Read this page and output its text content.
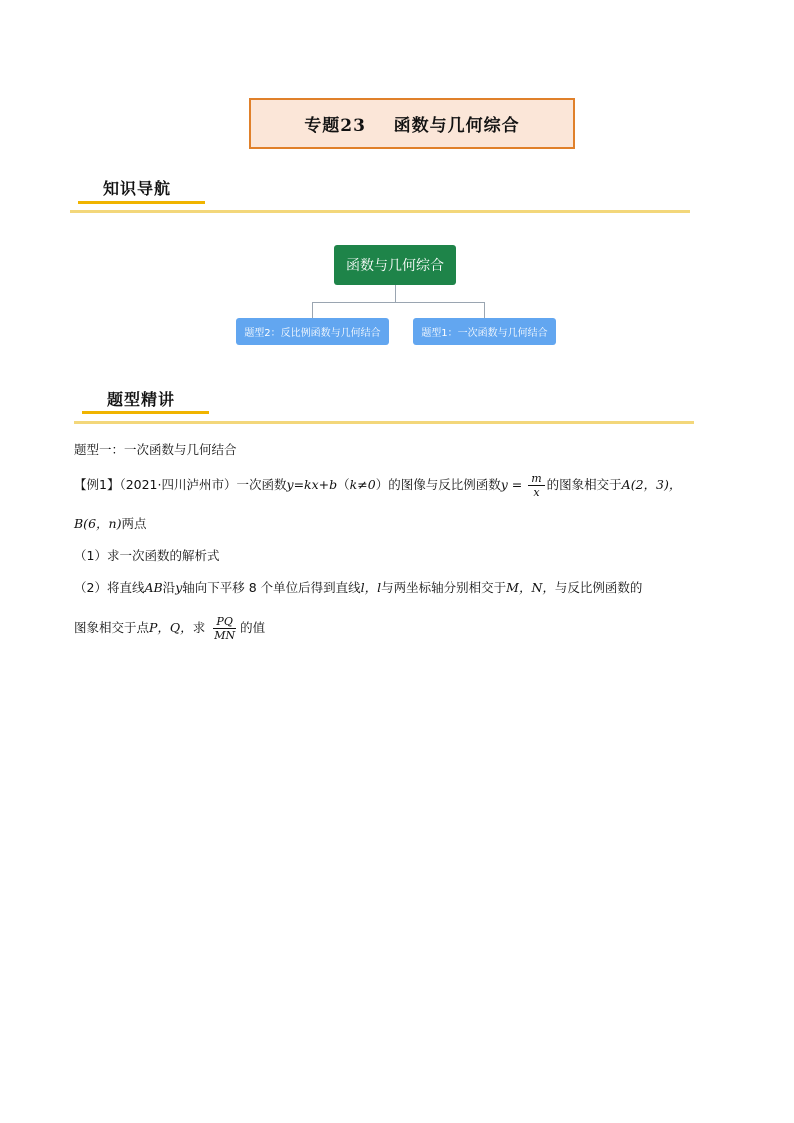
专题23
函数与几何综合
知识导航
函数与几何综合
题型2：反比例函数与几何结合	题型1：一次函数与几何结合
题型精讲
题型一：一次函数与几何结合
【例1】（2021·四川泸州市）一次函数y=kx+b（k≠0）的图像与反比例函数$y = \frac{m}{x}$ 的图象相交于A(2，3)，
B(6，n)两点
（1）求一次函数的解析式
（2）将直线AB沿y轴向下平移 8 个单位后得到直线l，l与两坐标轴分别相交于M，N，与反比例函数的
图象相交于点P，Q，求 $\frac{PQ}{MN}$ 的值
